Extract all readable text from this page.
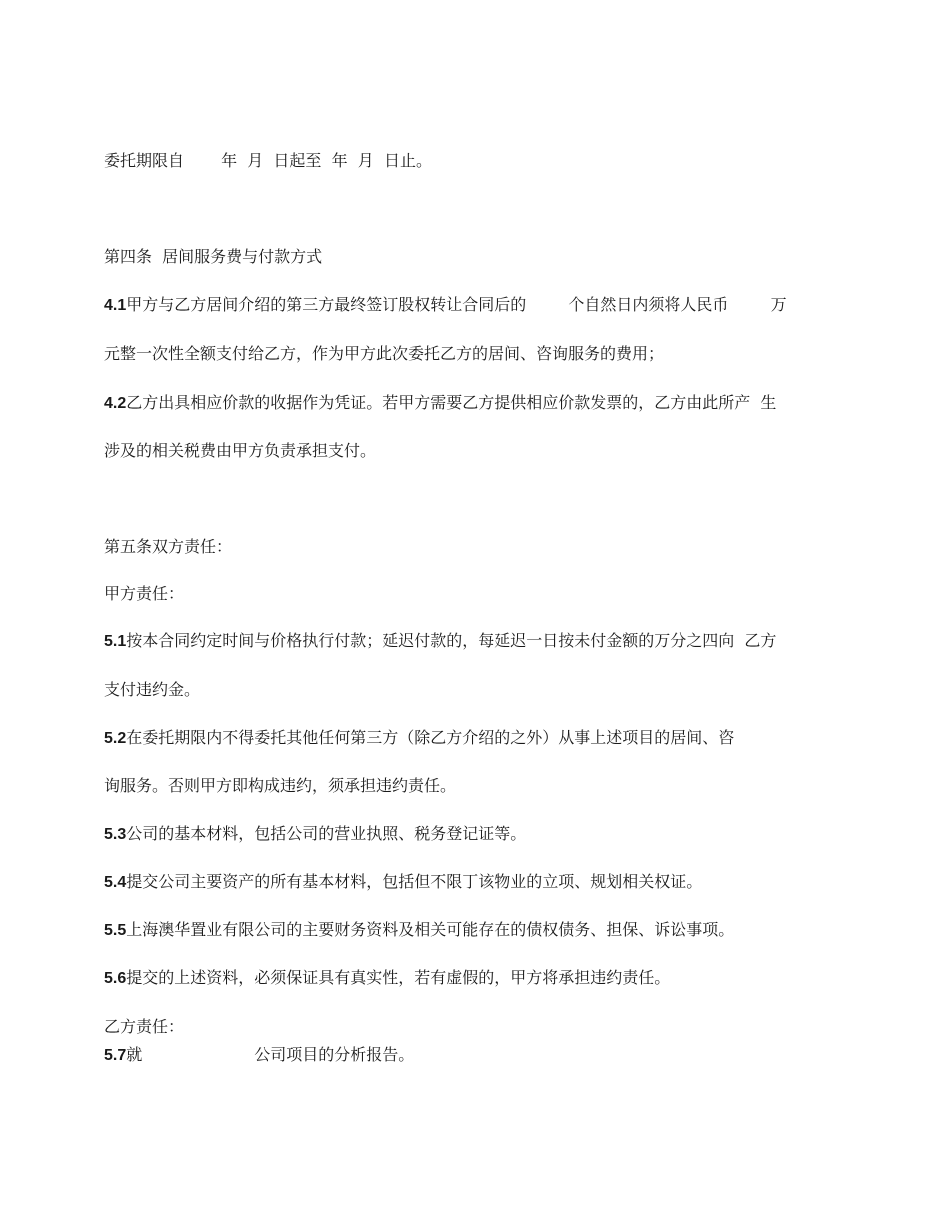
委托期限自　　 年  月  日起至  年  月  日止。
第四条  居间服务费与付款方式
4.1甲方与乙方居间介绍的第三方最终签订股权转让合同后的　　  个自然日内须将人民币　　  万
元整一次性全额支付给乙方，作为甲方此次委托乙方的居间、咨询服务的费用；
4.2乙方出具相应价款的收据作为凭证。若甲方需要乙方提供相应价款发票的，乙方由此所产  生
涉及的相关税费由甲方负责承担支付。
第五条双方责任：
甲方责任：
5.1按本合同约定时间与价格执行付款；延迟付款的，每延迟一日按未付金额的万分之四向  乙方
支付违约金。
5.2在委托期限内不得委托其他任何第三方（除乙方介绍的之外）从事上述项目的居间、咨
询服务。否则甲方即构成违约，须承担违约责任。
5.3公司的基本材料，包括公司的营业执照、税务登记证等。
5.4提交公司主要资产的所有基本材料，包括但不限丁该物业的立项、规划相关权证。
5.5上海澳华置业有限公司的主要财务资料及相关可能存在的债权债务、担保、诉讼事项。
5.6提交的上述资料，必须保证具有真实性，若有虚假的，甲方将承担违约责任。
乙方责任：
5.7就　　　　　　　公司项目的分析报告。
